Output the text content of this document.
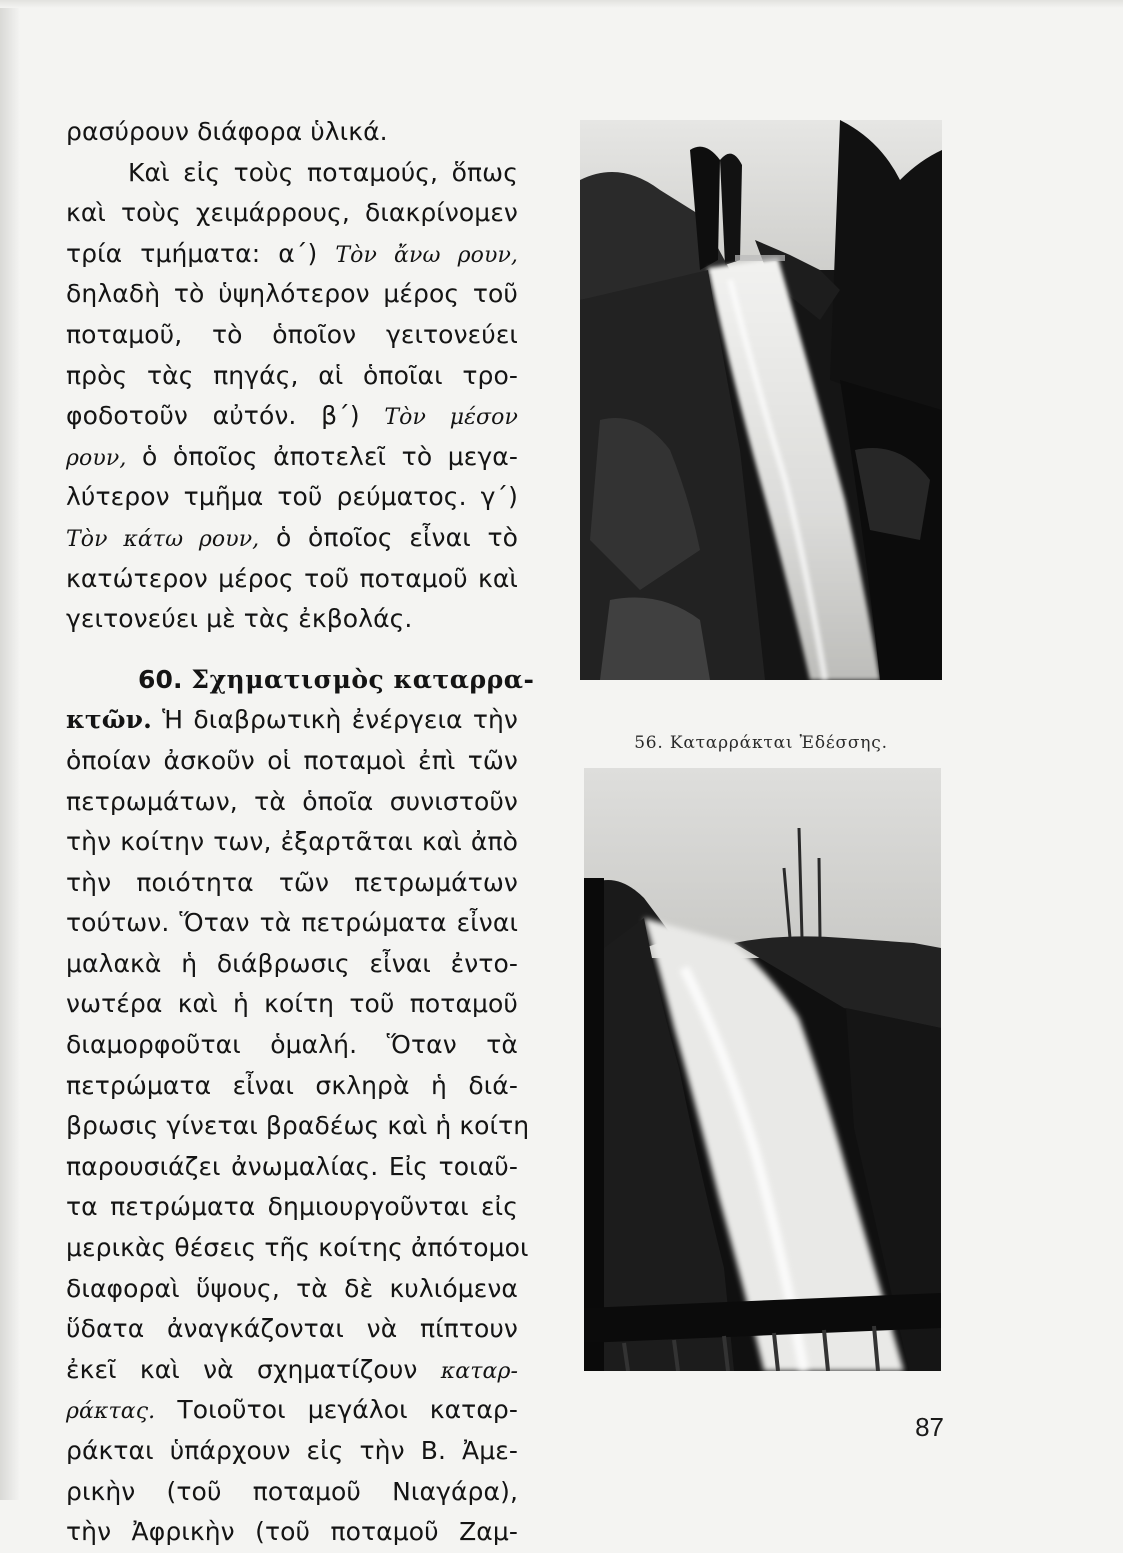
ρασύρουν διάφορα ὑλικά.
Καὶ εἰς τοὺς ποταμούς, ὅπως
καὶ τοὺς χειμάρρους, διακρίνομεν
τρία τμήματα: α΄) Τὸν ἄνω ρουν,
δηλαδὴ τὸ ὑψηλότερον μέρος τοῦ
ποταμοῦ, τὸ ὁποῖον γειτονεύει
πρὸς τὰς πηγάς, αἱ ὁποῖαι τρο-
φοδοτοῦν αὐτόν. β΄) Τὸν μέσον
ρουν, ὁ ὁποῖος ἀποτελεῖ τὸ μεγα-
λύτερον τμῆμα τοῦ ρεύματος. γ΄)
Τὸν κάτω ρουν, ὁ ὁποῖος εἶναι τὸ
κατώτερον μέρος τοῦ ποταμοῦ καὶ
γειτονεύει μὲ τὰς ἐκβολάς.
60. Σχηματισμὸς καταρρα-
κτῶν. Ἡ διαβρωτικὴ ἐνέργεια τὴν
ὁποίαν ἀσκοῦν οἱ ποταμοὶ ἐπὶ τῶν
πετρωμάτων, τὰ ὁποῖα συνιστοῦν
τὴν κοίτην των, ἐξαρτᾶται καὶ ἀπὸ
τὴν ποιότητα τῶν πετρωμάτων
τούτων. Ὅταν τὰ πετρώματα εἶναι
μαλακὰ ἡ διάβρωσις εἶναι ἐντο-
νωτέρα καὶ ἡ κοίτη τοῦ ποταμοῦ
διαμορφοῦται ὁμαλή. Ὅταν τὰ
πετρώματα εἶναι σκληρὰ ἡ διά-
βρωσις γίνεται βραδέως καὶ ἡ κοίτη
παρουσιάζει ἀνωμαλίας. Εἰς τοιαῦ-
τα πετρώματα δημιουργοῦνται εἰς
μερικὰς θέσεις τῆς κοίτης ἀπότομοι
διαφοραὶ ὕψους, τὰ δὲ κυλιόμενα
ὕδατα ἀναγκάζονται νὰ πίπτουν
ἐκεῖ καὶ νὰ σχηματίζουν καταρ-
ράκτας. Τοιοῦτοι μεγάλοι καταρ-
ράκται ὑπάρχουν εἰς τὴν Β. Ἀμε-
ρικὴν (τοῦ ποταμοῦ Νιαγάρα),
τὴν Ἀφρικὴν (τοῦ ποταμοῦ Ζαμ-
56. Καταρράκται Ἐδέσσης.
87
